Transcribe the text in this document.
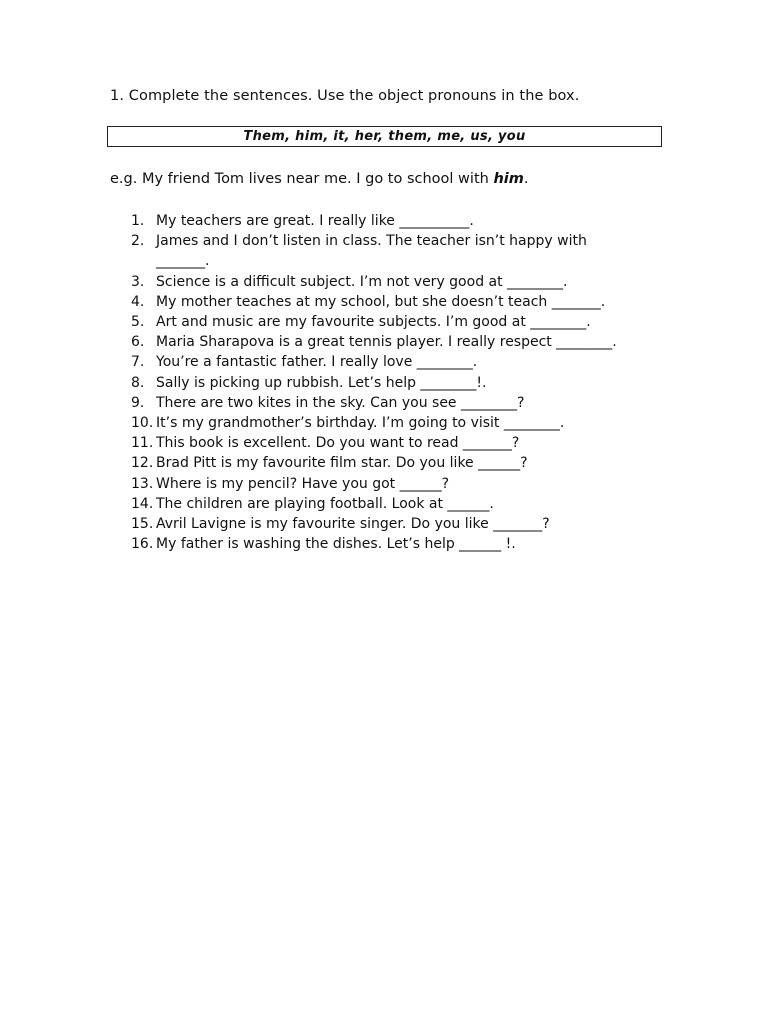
1. Complete the sentences. Use the object pronouns in the box.
Them, him, it, her, them, me, us, you
e.g. My friend Tom lives near me. I go to school with him.
1. My teachers are great. I really like __________.
2. James and I don’t listen in class. The teacher isn’t happy with _______.
3. Science is a difficult subject. I’m not very good at ________.
4. My mother teaches at my school, but she doesn’t teach _______.
5. Art and music are my favourite subjects. I’m good at ________.
6. Maria Sharapova is a great tennis player. I really respect ________.
7. You’re a fantastic father. I really love ________.
8. Sally is picking up rubbish. Let’s help ________!.
9. There are two kites in the sky. Can you see ________?
10. It’s my grandmother’s birthday. I’m going to visit ________.
11. This book is excellent. Do you want to read _______?
12. Brad Pitt is my favourite film star. Do you like ______?
13. Where is my pencil? Have you got ______?
14. The children are playing football. Look at ______.
15. Avril Lavigne is my favourite singer. Do you like _______?
16. My father is washing the dishes. Let’s help ______ !.
